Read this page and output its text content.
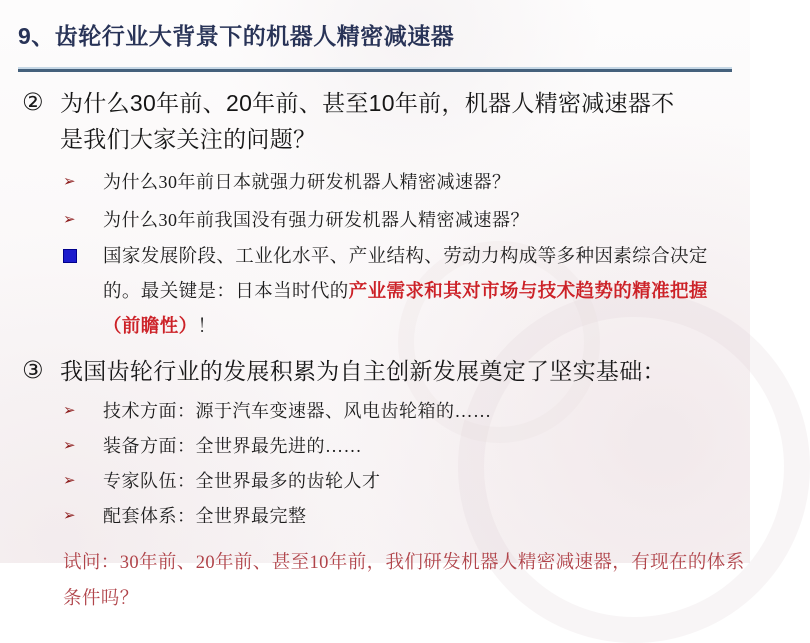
9、齿轮行业大背景下的机器人精密减速器
② 为什么30年前、20年前、甚至10年前，机器人精密减速器不
是我们大家关注的问题？
➢	为什么30年前日本就强力研发机器人精密减速器？
➢	为什么30年前我国没有强力研发机器人精密减速器？
国家发展阶段、工业化水平、产业结构、劳动力构成等多种因素综合决定
的。最关键是：日本当时代的产业需求和其对市场与技术趋势的精准把握
（前瞻性）！
③ 我国齿轮行业的发展积累为自主创新发展奠定了坚实基础：
➢	技术方面：源于汽车变速器、风电齿轮箱的……
➢	装备方面：全世界最先进的……
➢	专家队伍：全世界最多的齿轮人才
➢	配套体系：全世界最完整
试问：30年前、20年前、甚至10年前，我们研发机器人精密减速器，有现在的体系
条件吗？
